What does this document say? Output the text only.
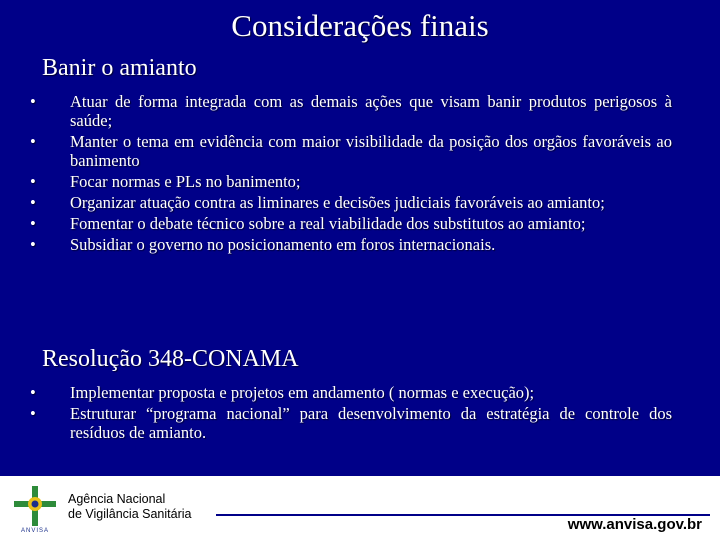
Considerações finais
Banir o amianto
• Atuar de forma integrada com as demais ações que visam banir produtos perigosos à saúde;
• Manter o tema em evidência com maior visibilidade da posição dos orgãos favoráveis ao banimento
• Focar normas e PLs no banimento;
• Organizar atuação contra as liminares e decisões judiciais favoráveis ao amianto;
• Fomentar o debate técnico sobre a real viabilidade dos substitutos ao amianto;
• Subsidiar o governo no posicionamento em foros internacionais.
Resolução 348-CONAMA
• Implementar proposta e projetos em andamento ( normas e execução);
• Estruturar “programa nacional” para desenvolvimento da estratégia de controle dos resíduos de amianto.
ANVISA
Agência Nacional
de Vigilância Sanitária
www.anvisa.gov.br
